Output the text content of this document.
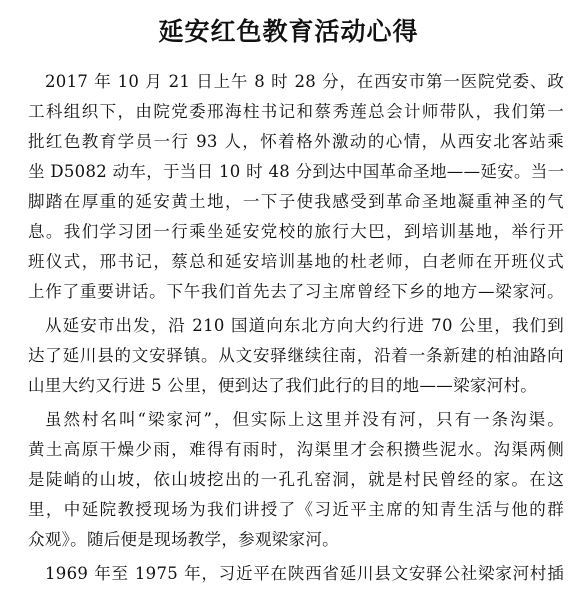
延安红色教育活动心得
2017 年 10 月 21 日上午 8 时 28 分，在西安市第一医院党委、政
工科组织下，由院党委邢海柱书记和蔡秀莲总会计师带队，我们第一
批红色教育学员一行 93 人，怀着格外激动的心情，从西安北客站乘
坐 D5082 动车，于当日 10 时 48 分到达中国革命圣地——延安。当一
脚踏在厚重的延安黄土地，一下子使我感受到革命圣地凝重神圣的气
息。我们学习团一行乘坐延安党校的旅行大巴，到培训基地，举行开
班仪式，邢书记，蔡总和延安培训基地的杜老师，白老师在开班仪式
上作了重要讲话。下午我们首先去了习主席曾经下乡的地方—梁家河。
从延安市出发，沿 210 国道向东北方向大约行进 70 公里，我们到
达了延川县的文安驿镇。从文安驿继续往南，沿着一条新建的柏油路向
山里大约又行进 5 公里，便到达了我们此行的目的地——梁家河村。
虽然村名叫“梁家河”，但实际上这里并没有河，只有一条沟渠。
黄土高原干燥少雨，难得有雨时，沟渠里才会积攒些泥水。沟渠两侧
是陡峭的山坡，依山坡挖出的一孔孔窑洞，就是村民曾经的家。在这
里，中延院教授现场为我们讲授了《习近平主席的知青生活与他的群
众观》。随后便是现场教学，参观梁家河。
1969 年至 1975 年，习近平在陕西省延川县文安驿公社梁家河村插
